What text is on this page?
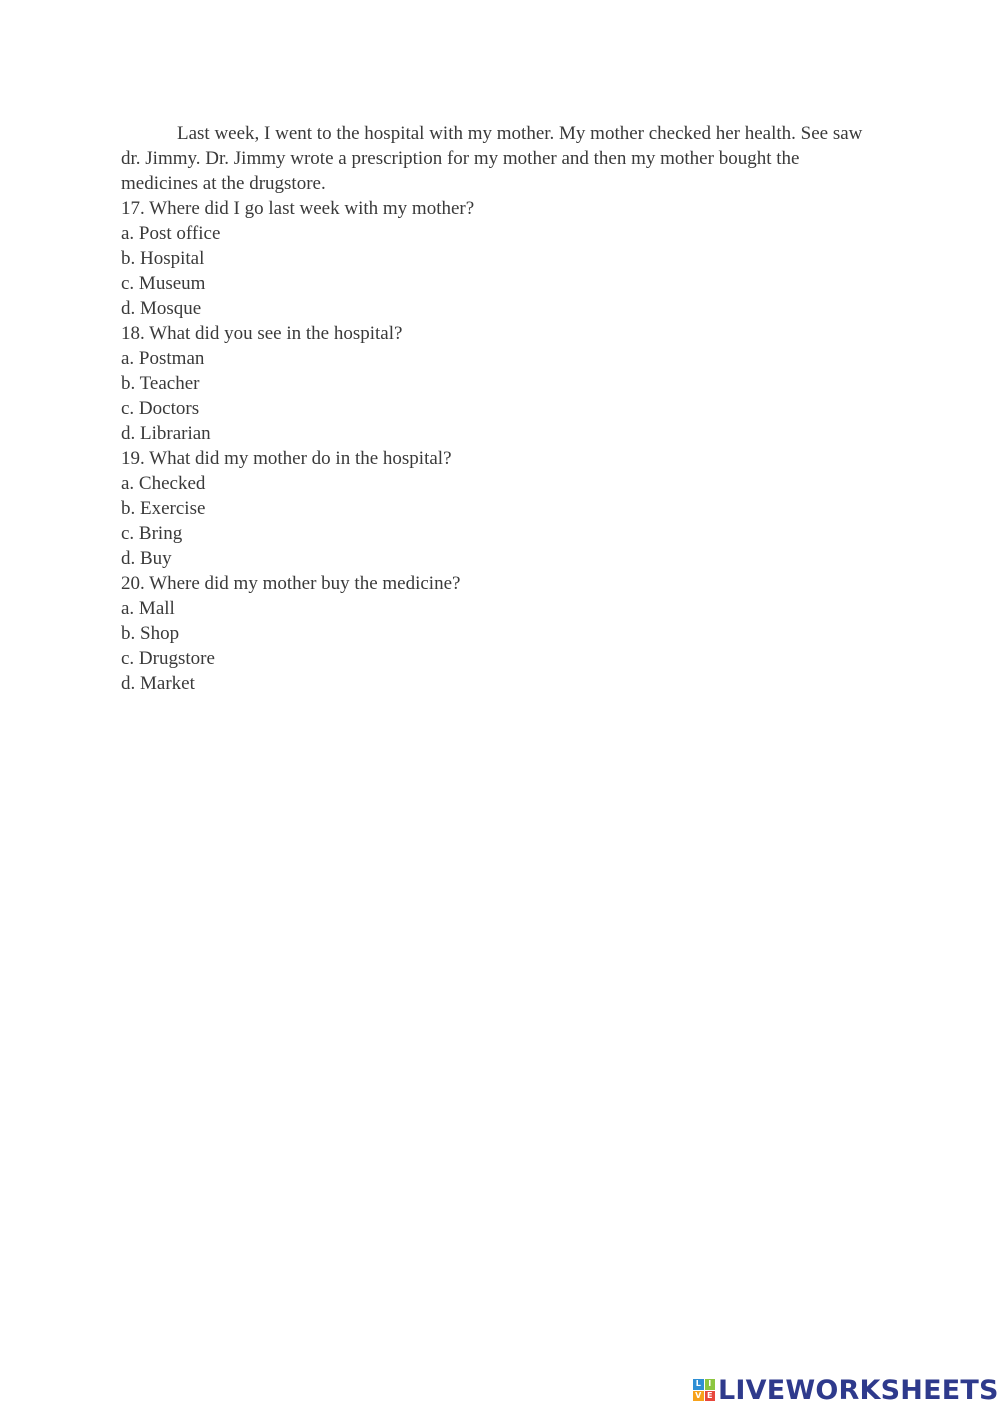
Last week, I went to the hospital with my mother. My mother checked her health. See saw dr. Jimmy. Dr. Jimmy wrote a prescription for my mother and then my mother bought the medicines at the drugstore.

17. Where did I go last week with my mother?

a. Post office

b. Hospital

c. Museum

d. Mosque

18. What did you see in the hospital?

a. Postman

b. Teacher

c. Doctors

d. Librarian

19. What did my mother do in the hospital?

a. Checked

b. Exercise

c. Bring

d. Buy

20. Where did my mother buy the medicine?

a. Mall

b. Shop

c. Drugstore

d. Market

L I
V E LIVEWORKSHEETS
